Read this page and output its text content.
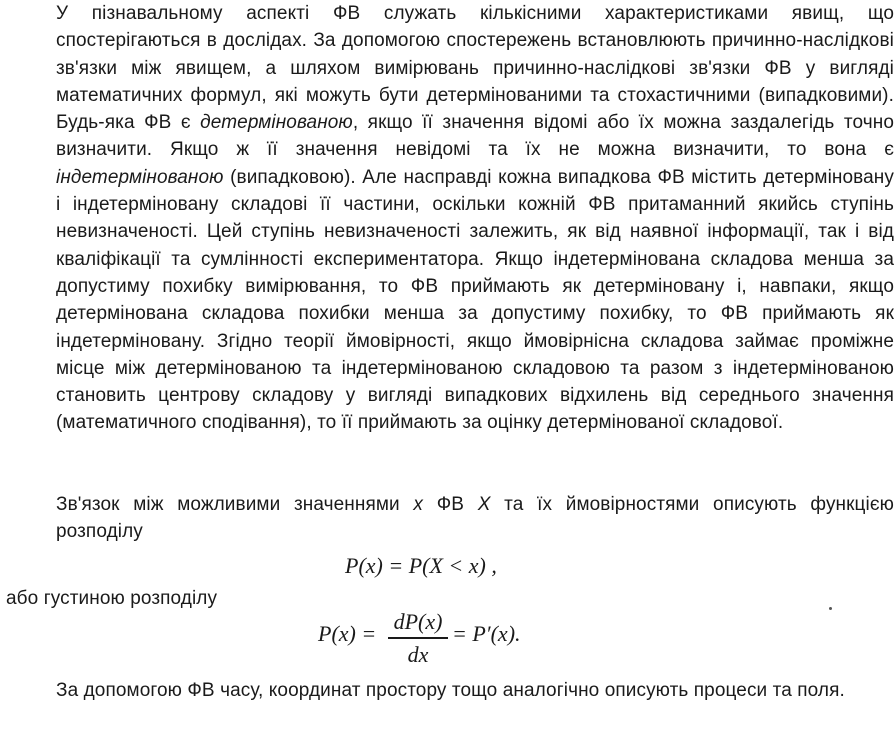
У пізнавальному аспекті ФВ служать кількісними характеристиками явищ, що спостерігаються в дослідах. За допомогою спостережень встановлюють причинно-наслідкові зв'язки між явищем, а шляхом вимірювань причинно-наслідкові зв'язки ФВ у вигляді математичних формул, які можуть бути детермінованими та стохастичними (випадковими). Будь-яка ФВ є детермінованою, якщо її значення відомі або їх можна заздалегідь точно визначити. Якщо ж її значення невідомі та їх не можна визначити, то вона є індетермінованою (випадковою). Але насправді кожна випадкова ФВ містить детерміновану і індетерміновану складові її частини, оскільки кожній ФВ притаманний якийсь ступінь невизначеності. Цей ступінь невизначеності залежить, як від наявної інформації, так і від кваліфікації та сумлінності експериментатора. Якщо індетермінована складова менша за допустиму похибку вимірювання, то ФВ приймають як детерміновану і, навпаки, якщо детермінована складова похибки менша за допустиму похибку, то ФВ приймають як індетерміновану. Згідно теорії ймовірності, якщо ймовірнісна складова займає проміжне місце між детермінованою та індетермінованою складовою та разом з індетермінованою становить центрову складову у вигляді випадкових відхилень від середнього значення (математичного сподівання), то її приймають за оцінку детермінованої складової.

Зв'язок між можливими значеннями x ФВ X та їх ймовірностями описують функцією розподілу

P(x) = P(X < x) ,

або густиною розподілу

P(x) = dP(x)
dx
= P′(x).

За допомогою ФВ часу, координат простору тощо аналогічно описують процеси та поля.
